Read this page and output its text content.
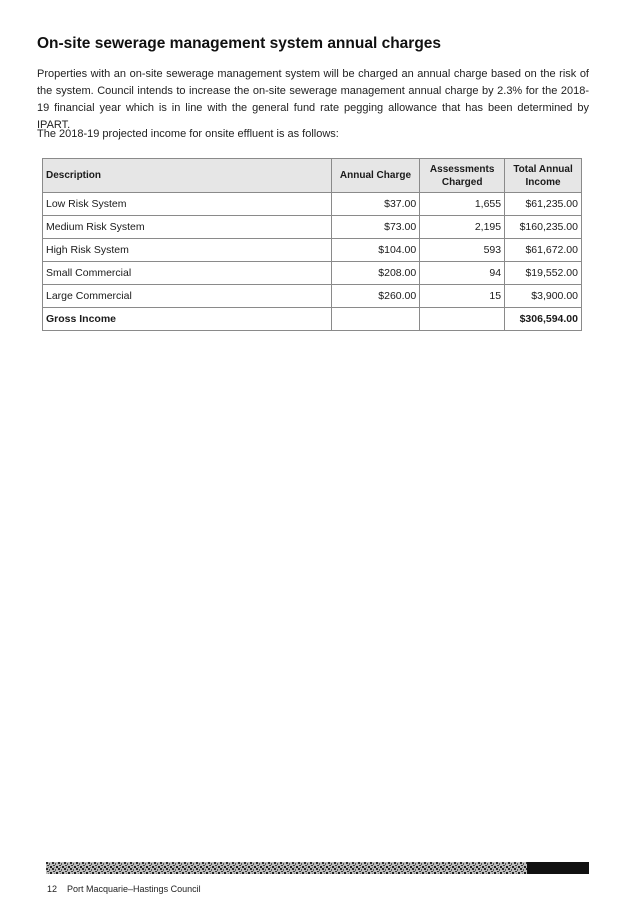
On-site sewerage management system annual charges
Properties with an on-site sewerage management system will be charged an annual charge based on the risk of the system. Council intends to increase the on-site sewerage management annual charge by 2.3% for the 2018-19 financial year which is in line with the general fund rate pegging allowance that has been determined by IPART.
The 2018-19 projected income for onsite effluent is as follows:
Description	Annual Charge	Assessments Charged	Total Annual Income
Low Risk System	$37.00	1,655	$61,235.00
Medium Risk System	$73.00	2,195	$160,235.00
High Risk System	$104.00	593	$61,672.00
Small Commercial	$208.00	94	$19,552.00
Large Commercial	$260.00	15	$3,900.00
Gross Income			$306,594.00
12 Port Macquarie–Hastings Council
